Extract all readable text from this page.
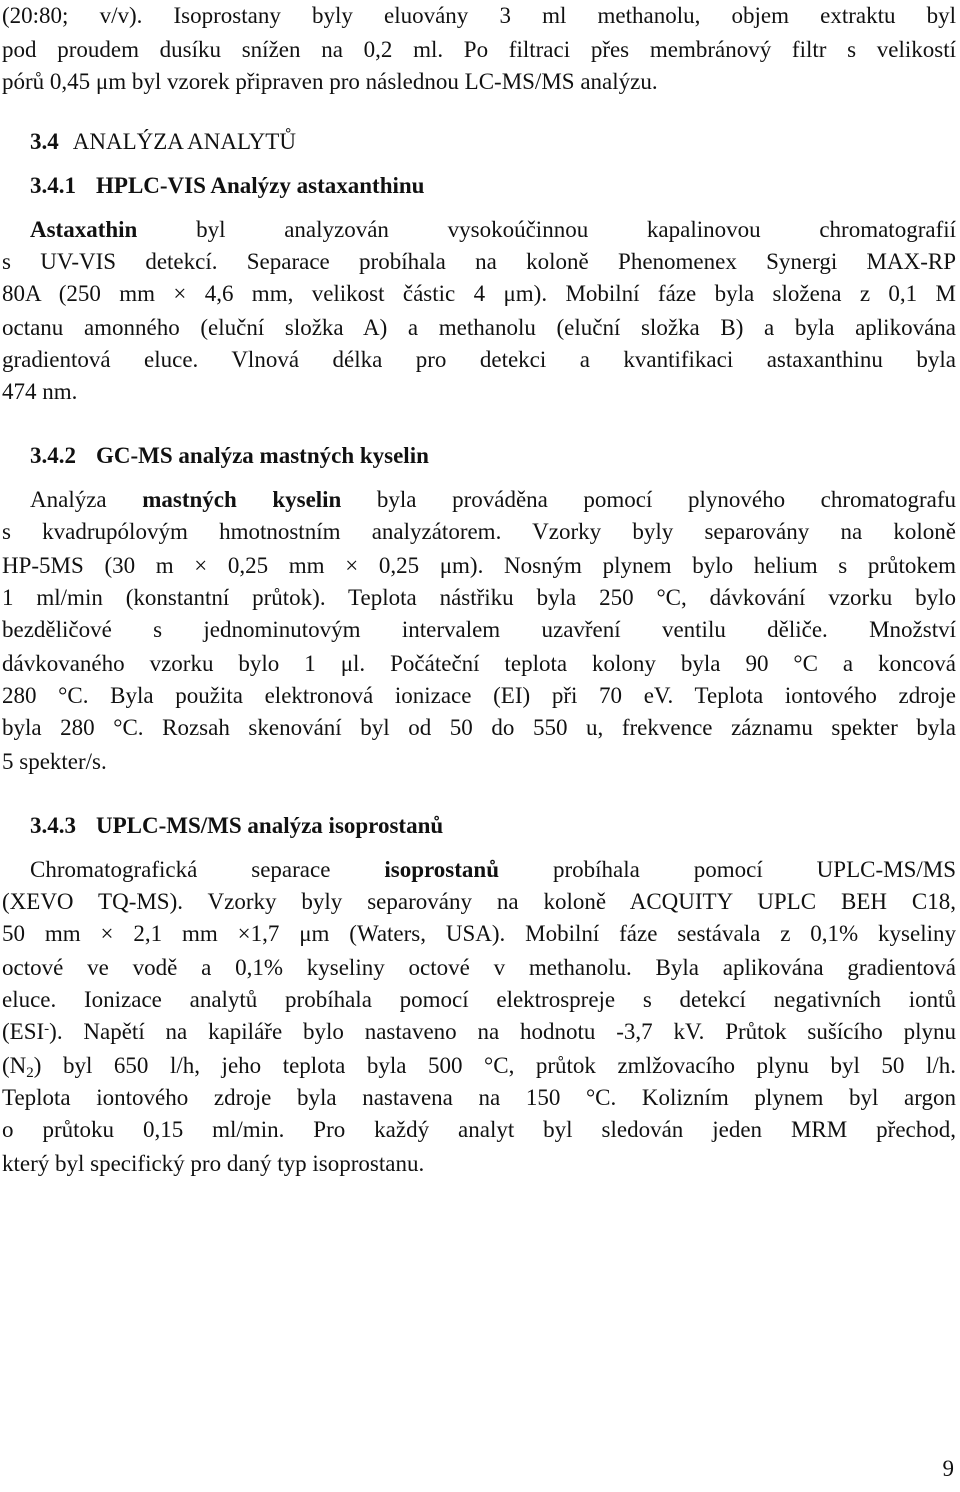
(20:80; v/v). Isoprostany byly eluovány 3 ml methanolu, objem extraktu byl
pod proudem dusíku snížen na 0,2 ml. Po filtraci přes membránový filtr s velikostí
pórů 0,45 μm byl vzorek připraven pro následnou LC-MS/MS analýzu.
3.4 ANALÝZA ANALYTŮ
3.4.1 HPLC-VIS Analýzy astaxanthinu
Astaxathin	byl analyzován vysokoúčinnou kapalinovou chromatografií
s UV-VIS detekcí. Separace probíhala na koloně Phenomenex Synergi MAX-RP
80A (250 mm × 4,6 mm, velikost částic 4 μm). Mobilní fáze byla složena z 0,1 M
octanu amonného (eluční složka A) a methanolu (eluční složka B) a byla aplikována
gradientová eluce. Vlnová délka pro detekci a kvantifikaci astaxanthinu byla
474 nm.
3.4.2 GC-MS analýza mastných kyselin
Analýza mastných kyselin byla prováděna pomocí plynového chromatografu
s kvadrupólovým hmotnostním analyzátorem. Vzorky byly separovány na koloně
HP-5MS (30 m × 0,25 mm × 0,25 μm). Nosným plynem bylo helium s průtokem
1 ml/min (konstantní průtok). Teplota nástřiku byla 250 °C, dávkování vzorku bylo
bezděličové s jednominutovým intervalem uzavření ventilu děliče. Množství
dávkovaného vzorku bylo 1 μl. Počáteční teplota kolony byla 90 °C a koncová
280 °C. Byla použita elektronová ionizace (EI) při 70 eV. Teplota iontového zdroje
byla 280 °C. Rozsah skenování byl od 50 do 550 u, frekvence záznamu spekter byla
5 spekter/s.
3.4.3 UPLC-MS/MS analýza isoprostanů
Chromatografická separace isoprostanů probíhala pomocí UPLC-MS/MS
(XEVO TQ-MS). Vzorky byly separovány na koloně ACQUITY UPLC BEH C18,
50 mm × 2,1 mm ×1,7 μm (Waters, USA). Mobilní fáze sestávala z 0,1% kyseliny
octové ve vodě a 0,1% kyseliny octové v methanolu. Byla aplikována gradientová
eluce. Ionizace analytů probíhala pomocí elektrospreje s detekcí negativních iontů
(ESI-). Napětí na kapiláře bylo nastaveno na hodnotu -3,7 kV. Průtok sušícího plynu
$(N_2)$ byl 650 l/h, jeho teplota byla 500 °C, průtok zmlžovacího plynu byl 50 l/h.
Teplota iontového zdroje byla nastavena na 150 °C. Kolizním plynem byl argon
o průtoku 0,15 ml/min. Pro každý analyt byl sledován jeden MRM přechod,
který byl specifický pro daný typ isoprostanu.
9
